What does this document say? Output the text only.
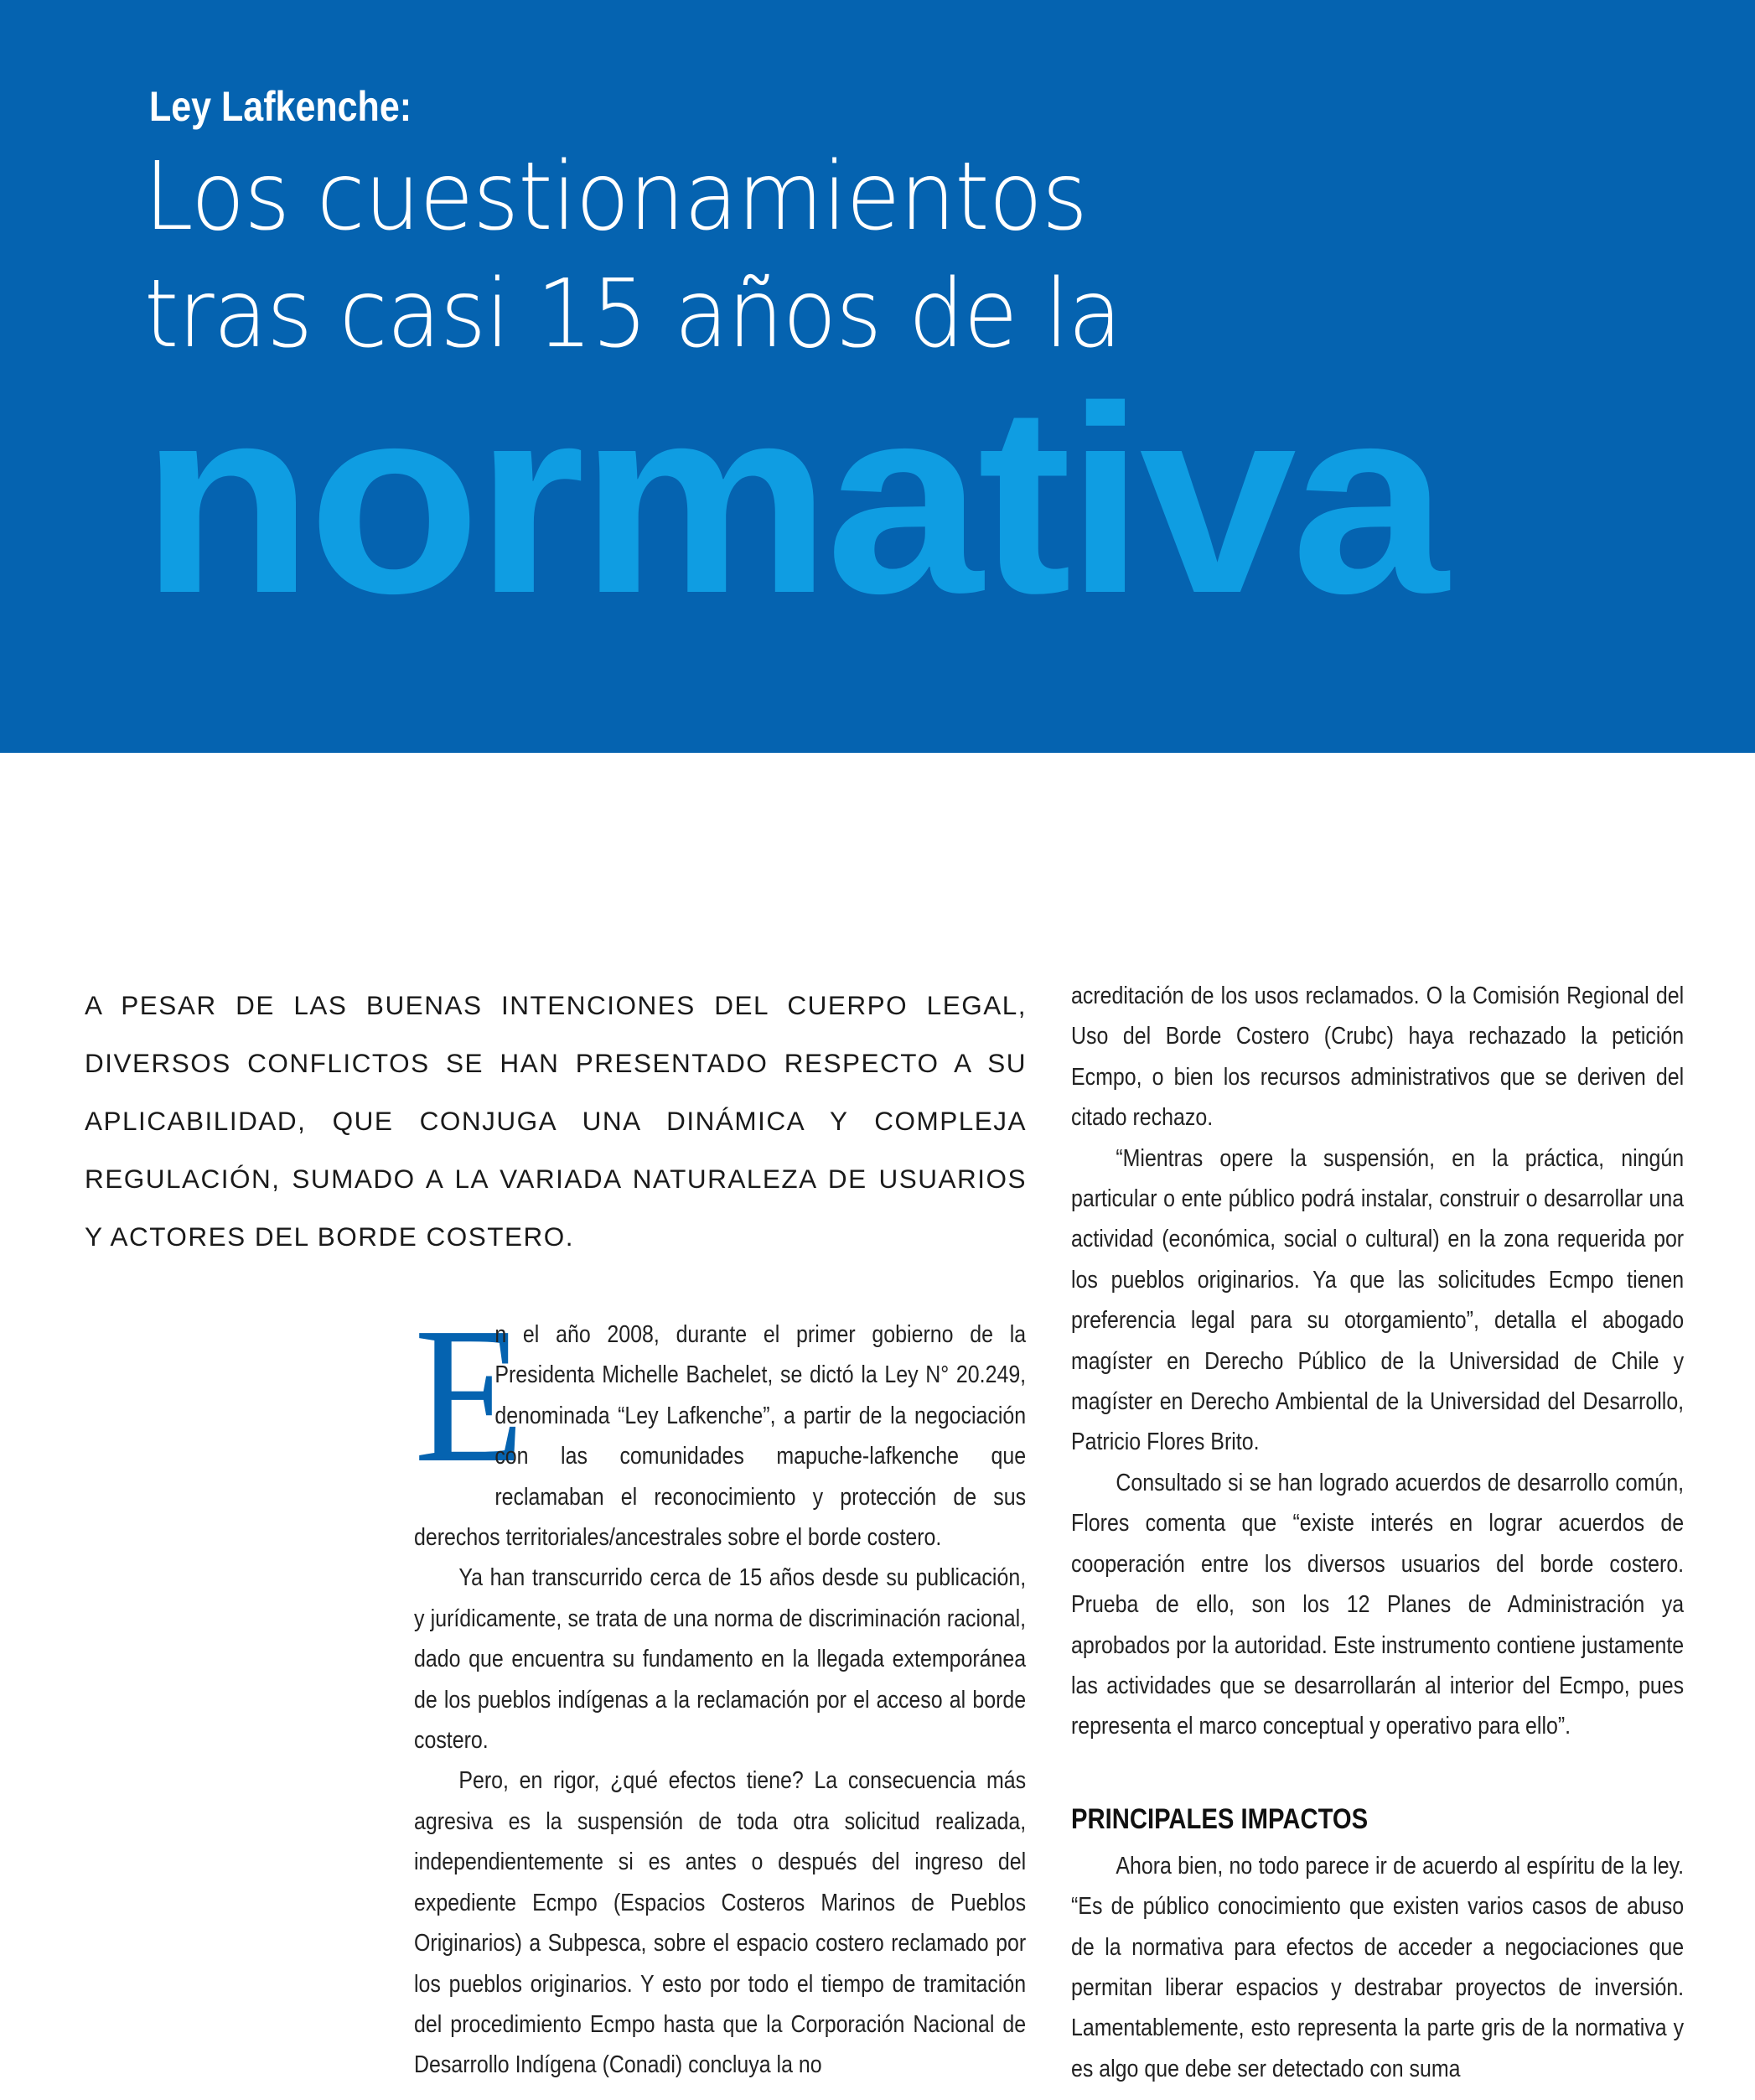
Ley Lafkenche:
Los cuestionamientos
tras casi 15 años de la
normativa
A PESAR DE LAS BUENAS INTENCIONES DEL CUERPO LEGAL, DIVERSOS CONFLICTOS SE HAN PRESENTADO RESPECTO A SU APLICABILIDAD, QUE CONJUGA UNA DINÁMICA Y COMPLEJA REGULACIÓN, SUMADO A LA VARIADA NATURALEZA DE USUARIOS Y ACTORES DEL BORDE COSTERO.
E

n el año 2008, durante el primer gobierno de la Presidenta Michelle Bachelet, se dictó la Ley N° 20.249, denominada “Ley Lafkenche”, a partir de la negociación con las comunidades mapuche-lafkenche que reclamaban el reconocimiento y protección de sus derechos territoriales/ancestrales sobre el borde costero.

Ya han transcurrido cerca de 15 años desde su publicación, y jurídicamente, se trata de una norma de discriminación racional, dado que encuentra su fundamento en la llegada extemporánea de los pueblos indígenas a la reclamación por el acceso al borde costero.

Pero, en rigor, ¿qué efectos tiene? La consecuencia más agresiva es la suspensión de toda otra solicitud realizada, independientemente si es antes o después del ingreso del expediente Ecmpo (Espacios Costeros Marinos de Pueblos Originarios) a Subpesca, sobre el espacio costero reclamado por los pueblos originarios. Y esto por todo el tiempo de tramitación del procedimiento Ecmpo hasta que la Corporación Nacional de Desarrollo Indígena (Conadi) concluya la no

acreditación de los usos reclamados. O la Comisión Regional del Uso del Borde Costero (Crubc) haya rechazado la petición Ecmpo, o bien los recursos administrativos que se deriven del citado rechazo.

“Mientras opere la suspensión, en la práctica, ningún particular o ente público podrá instalar, construir o desarrollar una actividad (económica, social o cultural) en la zona requerida por los pueblos originarios. Ya que las solicitudes Ecmpo tienen preferencia legal para su otorgamiento”, detalla el abogado magíster en Derecho Público de la Universidad de Chile y magíster en Derecho Ambiental de la Universidad del Desarrollo, Patricio Flores Brito.

Consultado si se han logrado acuerdos de desarrollo común, Flores comenta que “existe interés en lograr acuerdos de cooperación entre los diversos usuarios del borde costero. Prueba de ello, son los 12 Planes de Administración ya aprobados por la autoridad. Este instrumento contiene justamente las actividades que se desarrollarán al interior del Ecmpo, pues representa el marco conceptual y operativo para ello”.

PRINCIPALES IMPACTOS

Ahora bien, no todo parece ir de acuerdo al espíritu de la ley. “Es de público conocimiento que existen varios casos de abuso de la normativa para efectos de acceder a negociaciones que permitan liberar espacios y destrabar proyectos de inversión. Lamentablemente, esto representa la parte gris de la normativa y es algo que debe ser detectado con suma
